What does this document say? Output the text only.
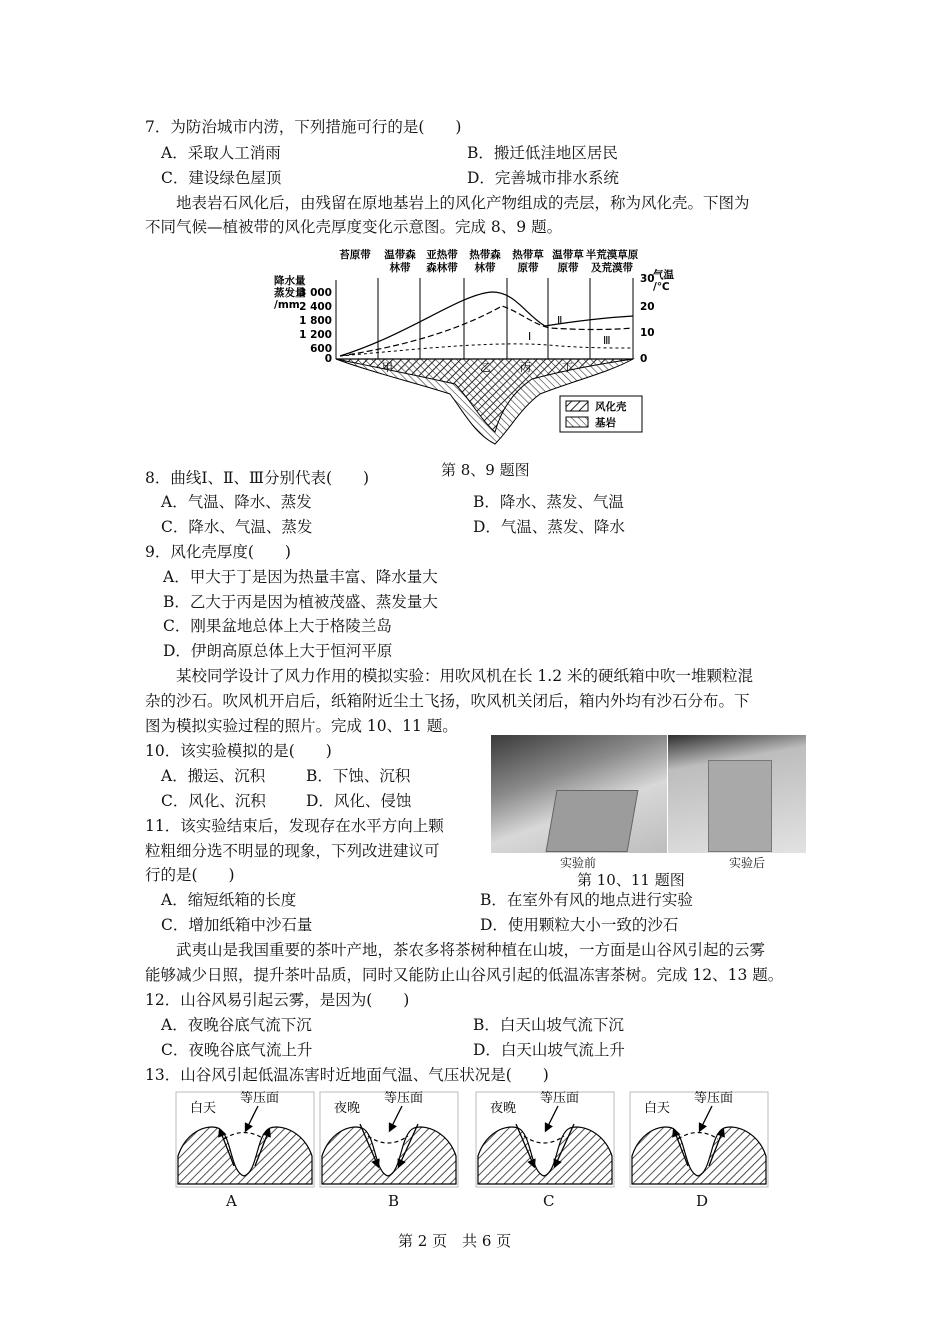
7．为防治城市内涝，下列措施可行的是(　　)
A．采取人工消雨	B．搬迁低洼地区居民
C．建设绿色屋顶	D．完善城市排水系统
地表岩石风化后，由残留在原地基岩上的风化产物组成的壳层，称为风化壳。下图为
不同气候—植被带的风化壳厚度变化示意图。完成 8、9 题。
苔原带 温带森
林带
亚热带
森林带
热带森
林带
热带草
原带
温带草
原带
半荒漠草原
及荒漠带
降水量
蒸发量
/mm
3 000
2 400
1 800
1 200
600
0
气温
/℃
30
20
10
0
Ⅱ
Ⅰ	Ⅲ
甲	乙	丙	丁
风化壳
基岩
第 8、9 题图
8．曲线Ⅰ、Ⅱ、Ⅲ分别代表(　　)
A．气温、降水、蒸发	B．降水、蒸发、气温
C．降水、气温、蒸发	D．气温、蒸发、降水
9．风化壳厚度(　　)
A．甲大于丁是因为热量丰富、降水量大
B．乙大于丙是因为植被茂盛、蒸发量大
C．刚果盆地总体上大于格陵兰岛
D．伊朗高原总体上大于恒河平原
某校同学设计了风力作用的模拟实验：用吹风机在长 1.2 米的硬纸箱中吹一堆颗粒混
杂的沙石。吹风机开启后，纸箱附近尘土飞扬，吹风机关闭后，箱内外均有沙石分布。下
图为模拟实验过程的照片。完成 10、11 题。
10．该实验模拟的是(　　)
A．搬运、沉积	B．下蚀、沉积
C．风化、沉积	D．风化、侵蚀
11．该实验结束后，发现存在水平方向上颗
粒粗细分选不明显的现象，下列改进建议可
行的是(　　)
实验前	实验后
第 10、11 题图
A．缩短纸箱的长度	B．在室外有风的地点进行实验
C．增加纸箱中沙石量	D．使用颗粒大小一致的沙石
武夷山是我国重要的茶叶产地，茶农多将茶树种植在山坡，一方面是山谷风引起的云雾
能够减少日照，提升茶叶品质，同时又能防止山谷风引起的低温冻害茶树。完成 12、13 题。
12．山谷风易引起云雾，是因为(　　)
A．夜晚谷底气流下沉	B．白天山坡气流下沉
C．夜晚谷底气流上升	D．白天山坡气流上升
13．山谷风引起低温冻害时近地面气温、气压状况是(　　)
白天
等压面
夜晚
等压面
夜晚
等压面
白天
等压面
A	B	C	D
第 2 页　共 6 页
